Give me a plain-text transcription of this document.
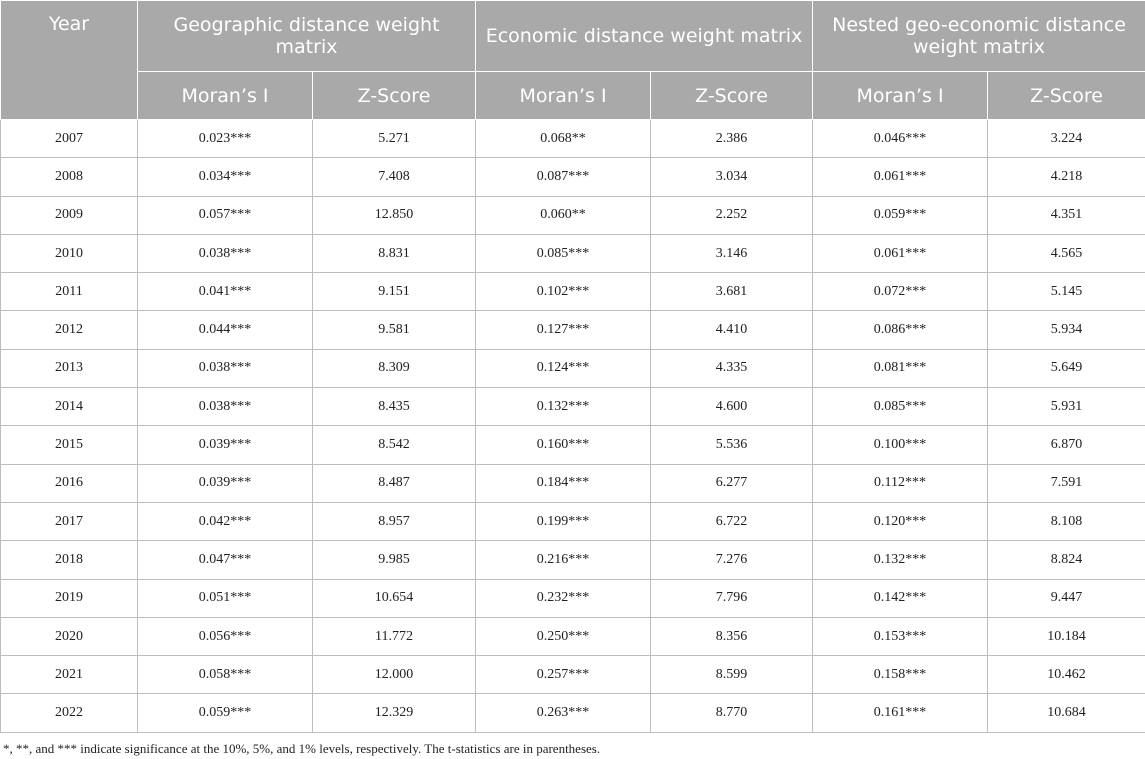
Year	Geographic distance weight matrix		Economic distance weight matrix		Nested geo-economic distance weight matrix	
	Moran’s I	Z-Score	Moran’s I	Z-Score	Moran’s I	Z-Score
2007	0.023***	5.271	0.068**	2.386	0.046***	3.224
2008	0.034***	7.408	0.087***	3.034	0.061***	4.218
2009	0.057***	12.850	0.060**	2.252	0.059***	4.351
2010	0.038***	8.831	0.085***	3.146	0.061***	4.565
2011	0.041***	9.151	0.102***	3.681	0.072***	5.145
2012	0.044***	9.581	0.127***	4.410	0.086***	5.934
2013	0.038***	8.309	0.124***	4.335	0.081***	5.649
2014	0.038***	8.435	0.132***	4.600	0.085***	5.931
2015	0.039***	8.542	0.160***	5.536	0.100***	6.870
2016	0.039***	8.487	0.184***	6.277	0.112***	7.591
2017	0.042***	8.957	0.199***	6.722	0.120***	8.108
2018	0.047***	9.985	0.216***	7.276	0.132***	8.824
2019	0.051***	10.654	0.232***	7.796	0.142***	9.447
2020	0.056***	11.772	0.250***	8.356	0.153***	10.184
2021	0.058***	12.000	0.257***	8.599	0.158***	10.462
2022	0.059***	12.329	0.263***	8.770	0.161***	10.684

*, **, and *** indicate significance at the 10%, 5%, and 1% levels, respectively. The t-statistics are in parentheses.
